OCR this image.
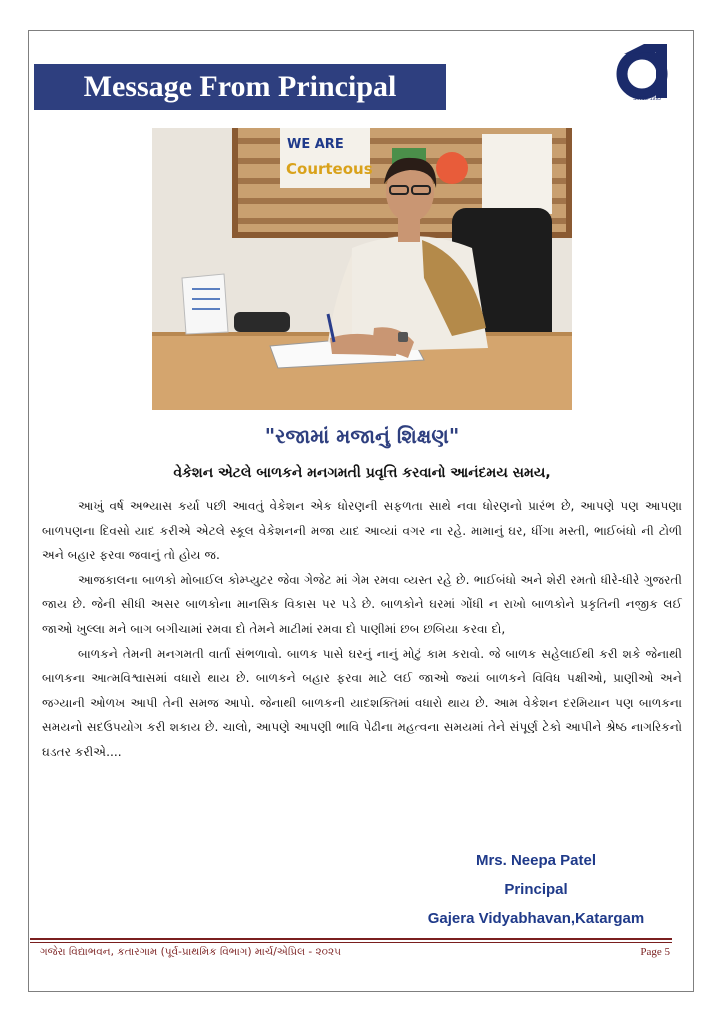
Message From Principal	SINCE 1993
WE ARE
Courteous
"રજામાં મજાનું શિક્ષણ"
વેકેશન એટલે બાળકને મનગમતી પ્રવૃત્તિ કરવાનો આનંદમય સમય,

આખું વર્ષ અભ્યાસ કર્યા પછી આવતું વેકેશન એક ધોરણની સફળતા સાથે નવા ધોરણનો પ્રારંભ છે, આપણે પણ આપણા બાળપણના દિવસો યાદ કરીએ એટલે સ્કૂલ વેકેશનની મજા યાદ આવ્યાં વગર ના રહે. મામાનું ઘર, ધીંગા મસ્તી, ભાઈબંધો ની ટોળી અને બહાર ફરવા જવાનું તો હોય જ.

આજકાલના બાળકો મોબાઈલ કોમ્પ્યુટર જેવા ગેજેટ માં ગેમ રમવા વ્યસ્ત રહે છે. ભાઈબંધો અને શેરી રમતો ધીરે-ધીરે ગુજરતી જાય છે. જેની સીધી અસર બાળકોના માનસિક વિકાસ પર પડે છે. બાળકોને ઘરમાં ગોંધી ન રાખો બાળકોને પ્રકૃતિની નજીક લઈ જાઓ ખુલ્લા મને બાગ બગીચામાં રમવા દો તેમને માટીમાં રમવા દો પાણીમાં છબ છબિયા કરવા દો,

બાળકને તેમની મનગમતી વાર્તા સંભળાવો. બાળક પાસે ઘરનું નાનું મોટું કામ કરાવો. જે બાળક સહેલાઈથી કરી શકે જેનાથી બાળકના આત્મવિશ્વાસમાં વધારો થાય છે. બાળકને બહાર ફરવા માટે લઈ જાઓ જ્યાં બાળકને વિવિધ પક્ષીઓ, પ્રાણીઓ અને જગ્યાની ઓળખ આપી તેની સમજ આપો. જેનાથી બાળકની યાદશક્તિમાં વધારો થાય છે. આમ વેકેશન દરમિયાન પણ બાળકના સમયનો સદઉપયોગ કરી શકાય છે. ચાલો, આપણે આપણી ભાવિ પેઢીના મહત્વના સમયમાં તેને સંપૂર્ણ ટેકો આપીને શ્રેષ્ઠ નાગરિકનો ઘડતર કરીએ....

Mrs. Neepa Patel
Principal
Gajera Vidyabhavan,Katargam
ગજેરા વિદ્યાભવન, કતારગામ (પૂર્વ-પ્રાથમિક વિભાગ) માર્ચ/એપ્રિલ - ૨૦૨૫	Page 5
